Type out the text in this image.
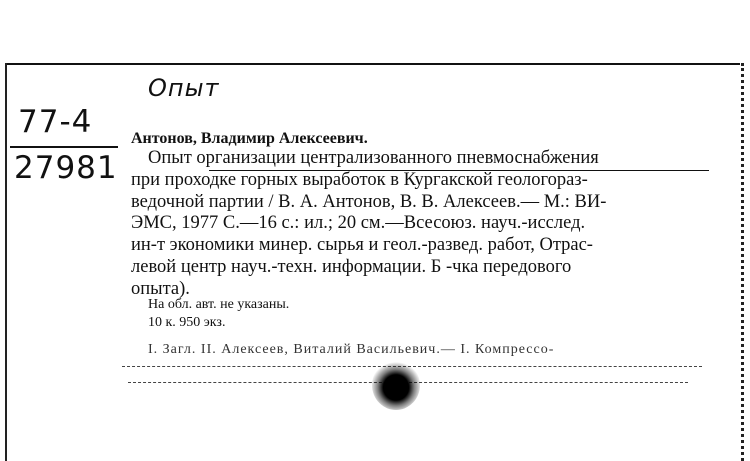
Опыт
77-4
27981
Антонов, Владимир Алексеевич.
Опыт организации централизованного пневмоснабжения
при проходке горных выработок в Кургакской геологораз-
ведочной партии / В. А. Антонов, В. В. Алексеев.— М.: ВИ-
ЭМС, 1977 С.—16 с.: ил.; 20 см.—Всесоюз. науч.-исслед.
ин-т экономики минер. сырья и геол.-развед. работ, Отрас-
левой центр науч.-техн. информации. Б -чка передового
опыта).
На обл. авт. не указаны.
10 к. 950 экз.
I. Загл. II. Алексеев, Виталий Васильевич.— I. Компрессо-
